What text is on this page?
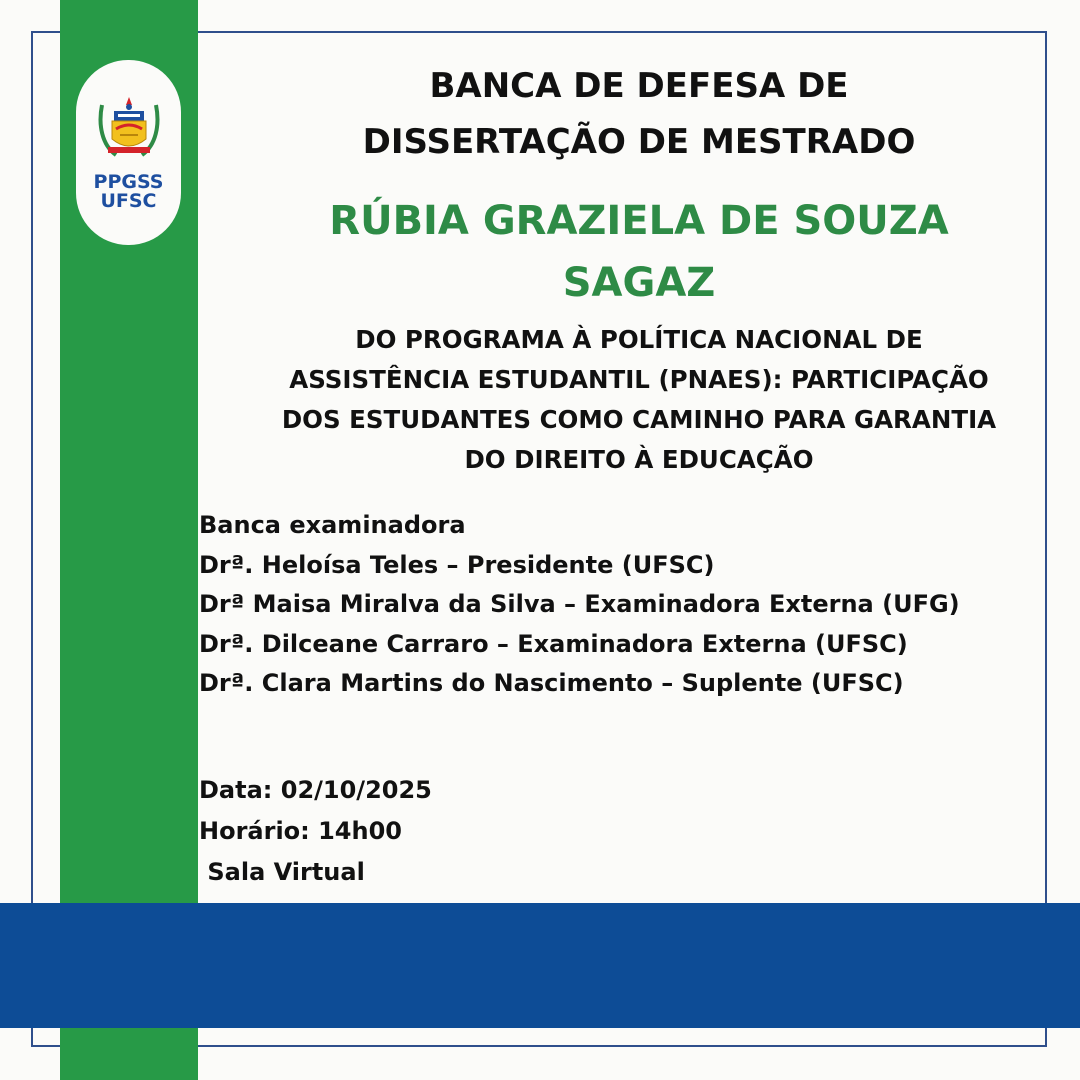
PPGSS
UFSC
BANCA DE DEFESA DE
DISSERTAÇÃO DE MESTRADO
RÚBIA GRAZIELA DE SOUZA
SAGAZ
DO PROGRAMA À POLÍTICA NACIONAL DE
ASSISTÊNCIA ESTUDANTIL (PNAES): PARTICIPAÇÃO
DOS ESTUDANTES COMO CAMINHO PARA GARANTIA
DO DIREITO À EDUCAÇÃO
Banca examinadora
Drª. Heloísa Teles – Presidente (UFSC)
Drª Maisa Miralva da Silva – Examinadora Externa (UFG)
Drª. Dilceane Carraro – Examinadora Externa (UFSC)
Drª. Clara Martins do Nascimento – Suplente (UFSC)
Data: 02/10/2025
Horário: 14h00
Sala Virtual
